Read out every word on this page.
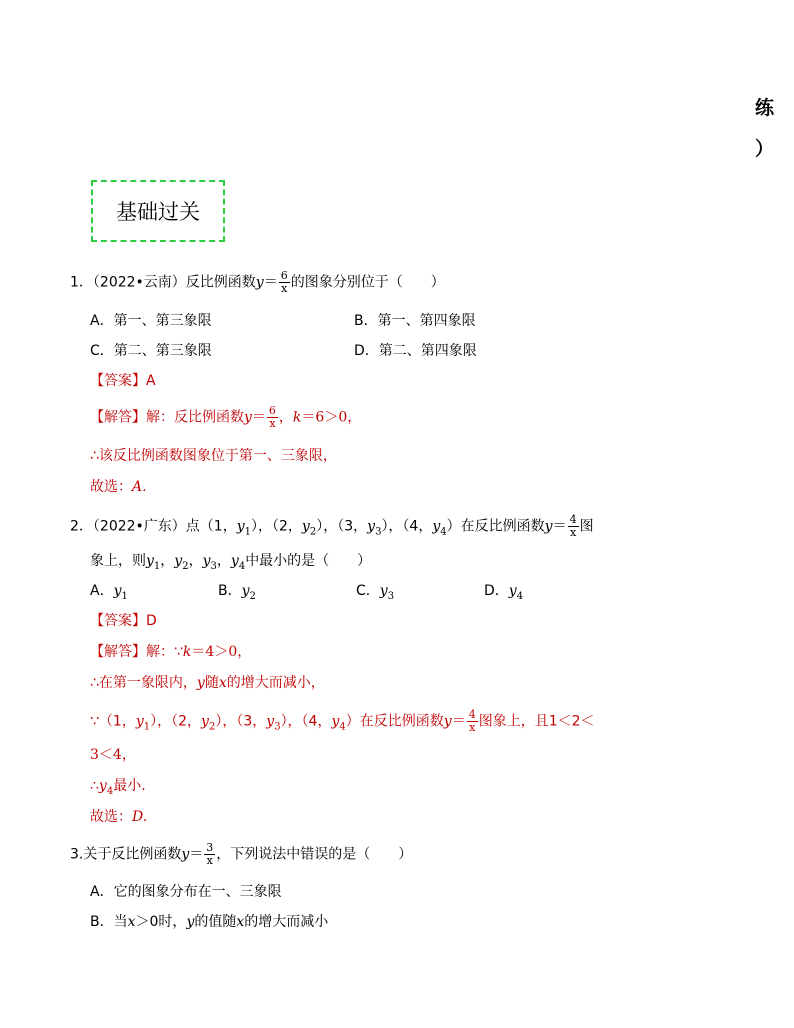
练
）
基础过关
1．（2022•云南）反比例函数$y= \frac{6}{x}$ 的图象分别位于（　　）
A．第一、第三象限	B．第一、第四象限
C．第二、第三象限	D．第二、第四象限
【答案】A
【解答】解：反比例函数$y= \frac{6}{x}$ ，k＝6＞0，
∴该反比例函数图象位于第一、三象限，
故选：A.
2．（2022•广东）点（1，$y_1$），（2，$y_2$），（3，$y_3$），（4，$y_4$）在反比例函数$y= \frac{4}{x}$ 图
象上，则$y_1$，$y_2$，$y_3$，$y_4$中最小的是（　　）
A．$y_1$	B．$y_2$	C．$y_3$	D．$y_4$
【答案】D
【解答】解：∵k＝4＞0，
∴在第一象限内，y随x的增大而减小，
∵（1，$y_1$），（2，$y_2$），（3，$y_3$），（4，$y_4$）在反比例函数$y= \frac{4}{x}$ 图象上，且1＜2＜
3＜4，
$\therefore y_4$最小.
故选：D.
3.关于反比例函数$y= \frac{3}{x}$ ，下列说法中错误的是（　　）
A．它的图象分布在一、三象限
B．当x＞0时，y的值随x的增大而减小
